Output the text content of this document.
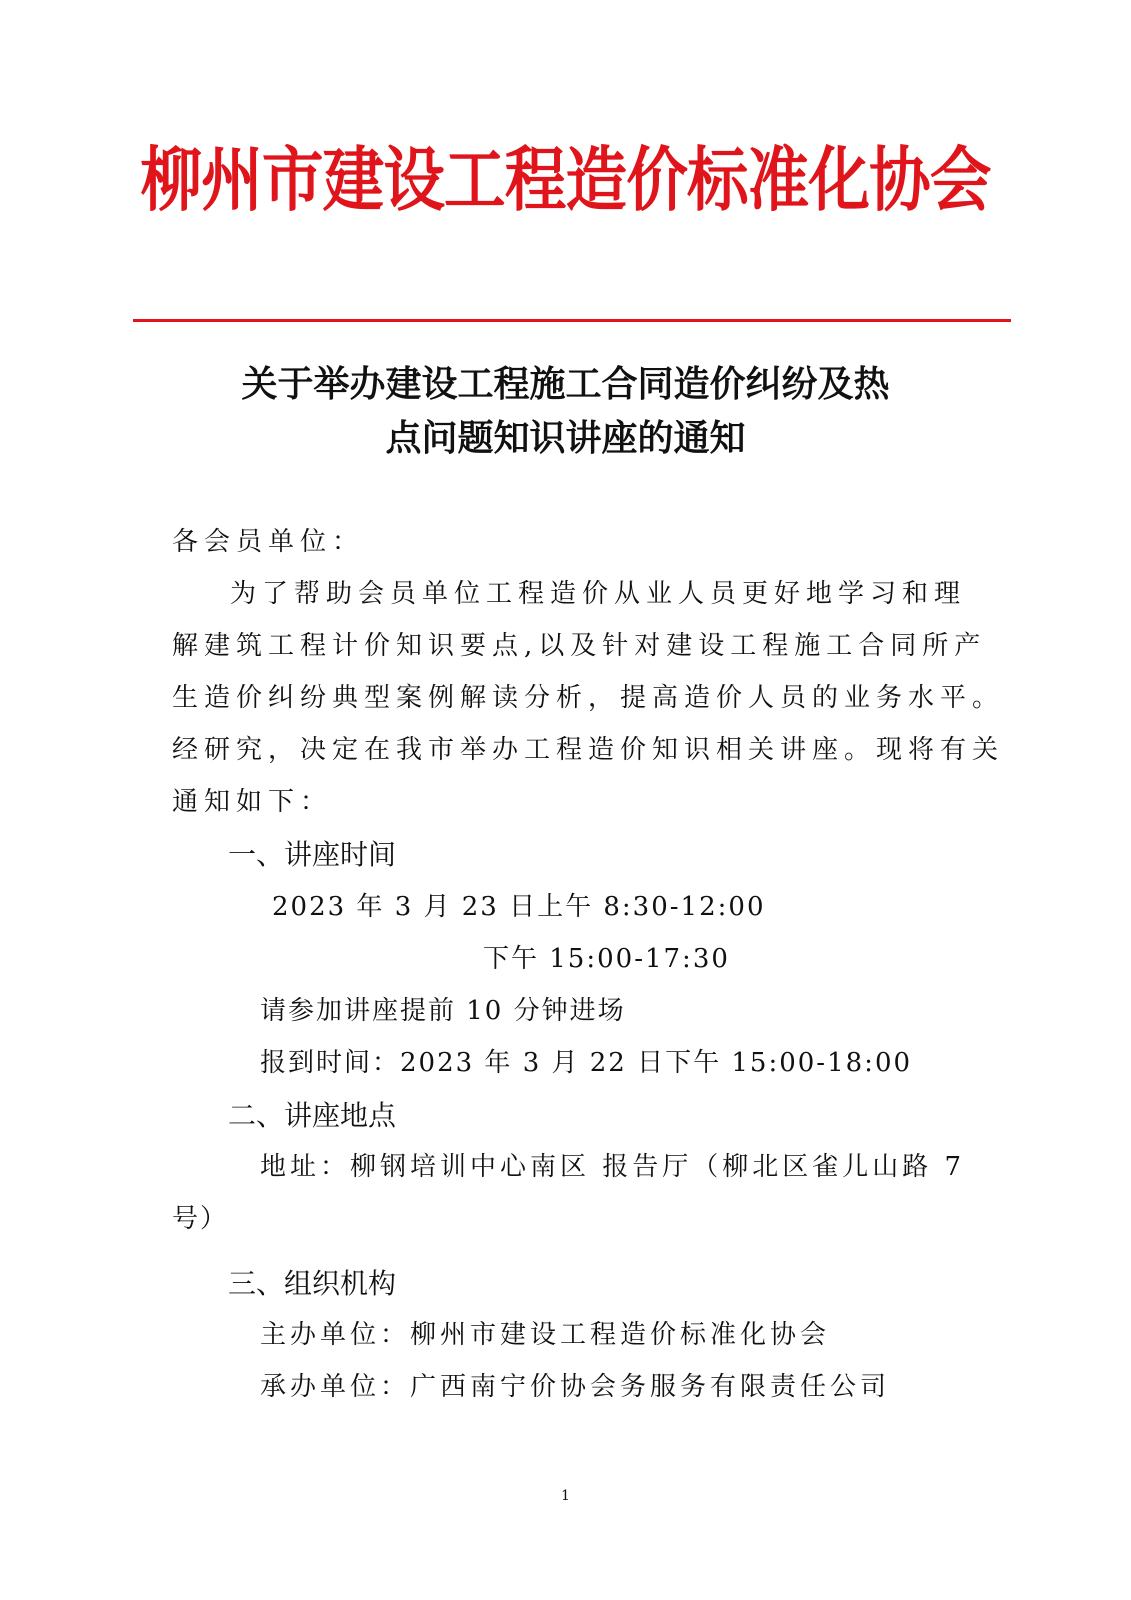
柳州市建设工程造价标准化协会
关于举办建设工程施工合同造价纠纷及热
点问题知识讲座的通知
各会员单位：
为了帮助会员单位工程造价从业人员更好地学习和理
解建筑工程计价知识要点,以及针对建设工程施工合同所产
生造价纠纷典型案例解读分析，提高造价人员的业务水平。
经研究，决定在我市举办工程造价知识相关讲座。现将有关
通知如下：
一、讲座时间
2023 年 3 月 23 日上午 8:30-12:00
下午 15:00-17:30
请参加讲座提前 10 分钟进场
报到时间：2023 年 3 月 22 日下午 15:00-18:00
二、讲座地点
地址：柳钢培训中心南区 报告厅（柳北区雀儿山路 7
号）
三、组织机构
主办单位：柳州市建设工程造价标准化协会
承办单位：广西南宁价协会务服务有限责任公司
1
